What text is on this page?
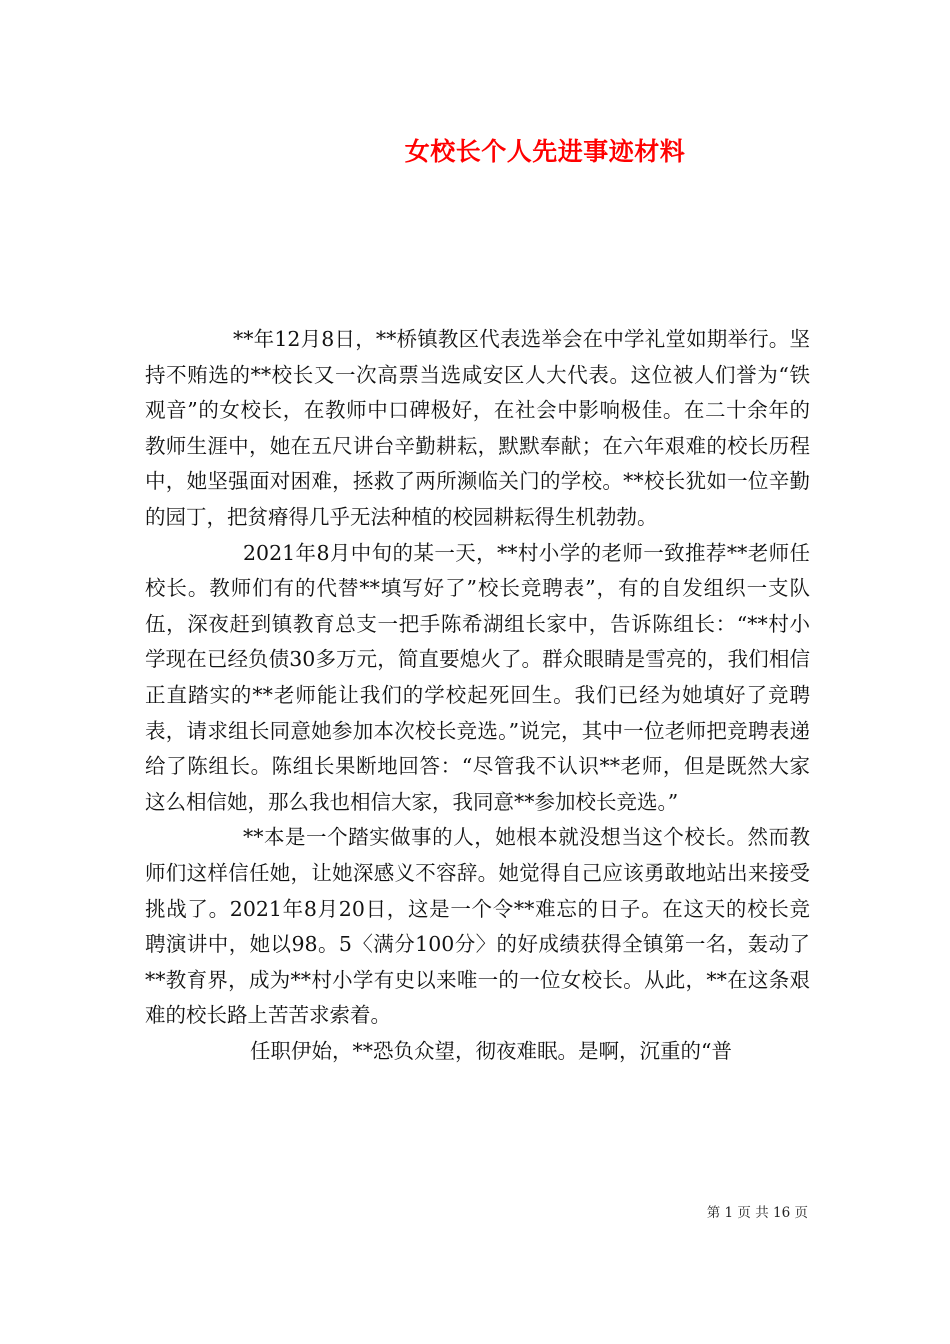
女校长个人先进事迹材料

**年12月8日，**桥镇教区代表选举会在中学礼堂如期举行。坚持不贿选的**校长又一次高票当选咸安区人大代表。这位被人们誉为“铁观音”的女校长，在教师中口碑极好，在社会中影响极佳。在二十余年的教师生涯中，她在五尺讲台辛勤耕耘，默默奉献；在六年艰难的校长历程中，她坚强面对困难，拯救了两所濒临关门的学校。**校长犹如一位辛勤的园丁，把贫瘠得几乎无法种植的校园耕耘得生机勃勃。

2021年8月中旬的某一天，**村小学的老师一致推荐**老师任校长。教师们有的代替**填写好了”校长竞聘表”，有的自发组织一支队伍，深夜赶到镇教育总支一把手陈希湖组长家中，告诉陈组长：“**村小学现在已经负债30多万元，简直要熄火了。群众眼睛是雪亮的，我们相信正直踏实的**老师能让我们的学校起死回生。我们已经为她填好了竞聘表，请求组长同意她参加本次校长竞选。”说完，其中一位老师把竞聘表递给了陈组长。陈组长果断地回答：“尽管我不认识**老师，但是既然大家这么相信她，那么我也相信大家，我同意**参加校长竞选。”

**本是一个踏实做事的人，她根本就没想当这个校长。然而教师们这样信任她，让她深感义不容辞。她觉得自己应该勇敢地站出来接受挑战了。2021年8月20日，这是一个令**难忘的日子。在这天的校长竞聘演讲中，她以98。5〈满分100分〉的好成绩获得全镇第一名，轰动了**教育界，成为**村小学有史以来唯一的一位女校长。从此，**在这条艰难的校长路上苦苦求索着。

任职伊始，**恐负众望，彻夜难眠。是啊，沉重的“普

第 1 页 共 16 页
